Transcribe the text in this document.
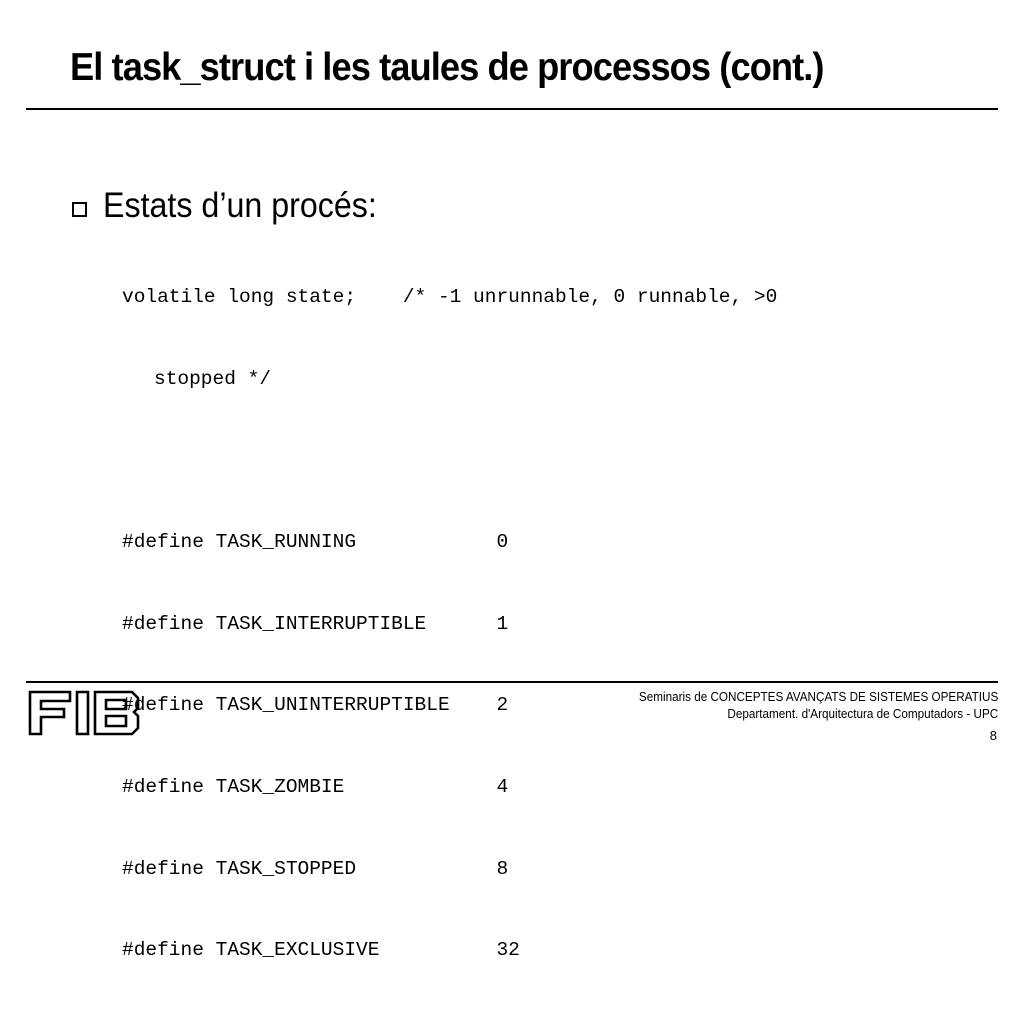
El task_struct i les taules de processos (cont.)
Estats d’un procés:

volatile long state;    /* -1 unrunnable, 0 runnable, >0

stopped */

#define TASK_RUNNING            0

#define TASK_INTERRUPTIBLE      1

#define TASK_UNINTERRUPTIBLE    2

#define TASK_ZOMBIE             4

#define TASK_STOPPED            8

#define TASK_EXCLUSIVE          32

Seminaris de CONCEPTES AVANÇATS DE SISTEMES OPERATIUS
Departament. d'Arquitectura de Computadors - UPC
8
